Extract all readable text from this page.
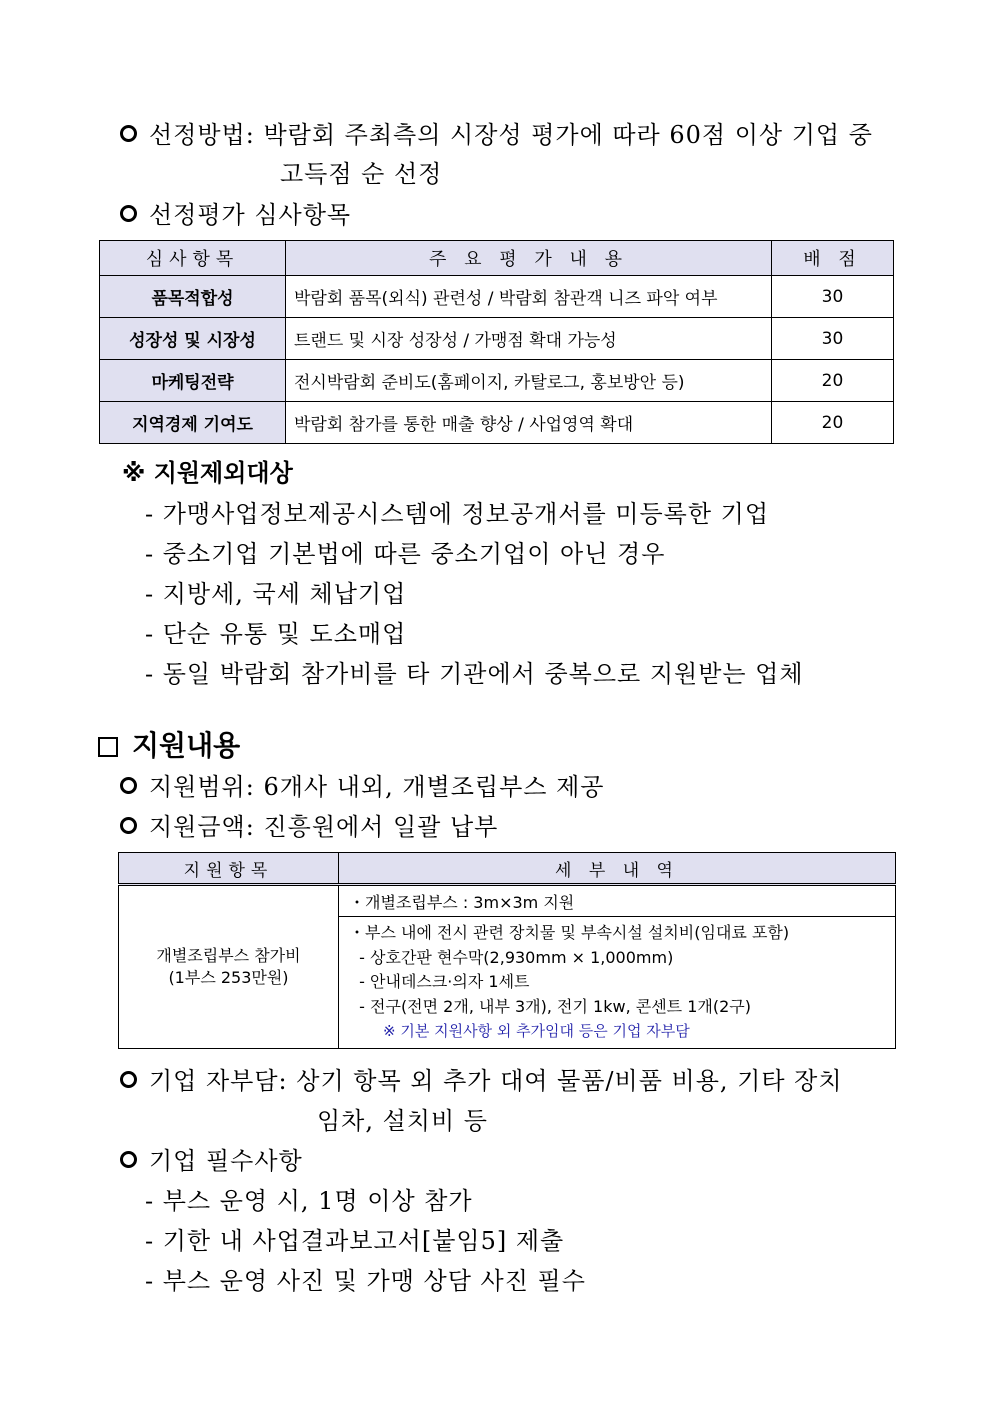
선정방법: 박람회 주최측의 시장성 평가에 따라 60점 이상 기업 중
고득점 순 선정
선정평가 심사항목
심사항목	주 요 평 가 내 용	배 점
품목적합성	박람회 품목(외식) 관련성 / 박람회 참관객 니즈 파악 여부	30
성장성 및 시장성	트랜드 및 시장 성장성 / 가맹점 확대 가능성	30
마케팅전략	전시박람회 준비도(홈페이지, 카탈로그, 홍보방안 등)	20
지역경제 기여도	박람회 참가를 통한 매출 향상 / 사업영역 확대	20
※ 지원제외대상
- 가맹사업정보제공시스템에 정보공개서를 미등록한 기업
- 중소기업 기본법에 따른 중소기업이 아닌 경우
- 지방세, 국세 체납기업
- 단순 유통 및 도소매업
- 동일 박람회 참가비를 타 기관에서 중복으로 지원받는 업체
지원내용
지원범위: 6개사 내외, 개별조립부스 제공
지원금액: 진흥원에서 일괄 납부
지원항목	세 부 내 역

개별조립부스 참가비
(1부스 253만원)	・개별조립부스 : 3m×3m 지원

	・부스 내에 전시 관련 장치물 및 부속시설 설치비(임대료 포함)
- 상호간판 현수막(2,930mm × 1,000mm)
- 안내데스크·의자 1세트
- 전구(전면 2개, 내부 3개), 전기 1kw, 콘센트 1개(2구)
※ 기본 지원사항 외 추가임대 등은 기업 자부담
기업 자부담: 상기 항목 외 추가 대여 물품/비품 비용, 기타 장치
임차, 설치비 등
기업 필수사항
- 부스 운영 시, 1명 이상 참가
- 기한 내 사업결과보고서[붙임5] 제출
- 부스 운영 사진 및 가맹 상담 사진 필수
